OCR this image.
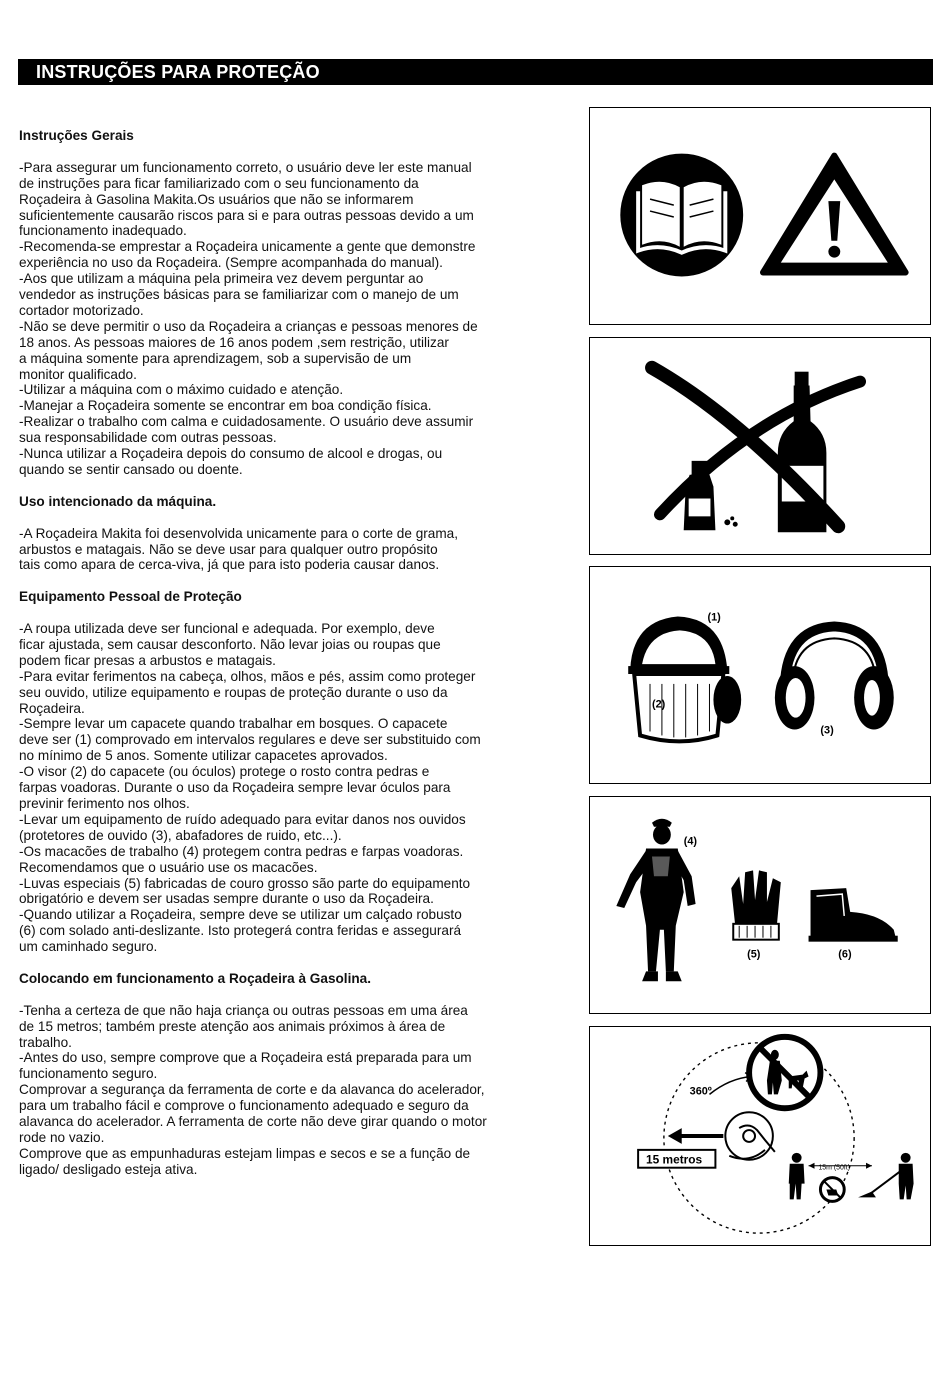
INSTRUÇÕES PARA PROTEÇÃO
Instruções Gerais
-Para assegurar um funcionamento correto, o usuário deve ler este manual
de instruções para ficar familiarizado com o seu funcionamento da
Roçadeira à Gasolina Makita.Os usuários que não se informarem
suficientemente causarão riscos para si e para outras pessoas devido a um
funcionamento inadequado.
-Recomenda-se emprestar a Roçadeira unicamente a gente que demonstre
experiência no uso da Roçadeira. (Sempre acompanhada do manual).
-Aos que utilizam a máquina pela primeira vez devem perguntar ao
vendedor as instruções básicas para se familiarizar com o manejo de um
cortador motorizado.
-Não se deve permitir o uso da Roçadeira a crianças e pessoas menores de
18 anos. As pessoas maiores de 16 anos podem ,sem restrição, utilizar
a máquina somente para aprendizagem, sob a supervisão de um
monitor qualificado.
-Utilizar a máquina com o máximo cuidado e atenção.
-Manejar a Roçadeira somente se encontrar em boa condição física.
-Realizar o trabalho com calma e cuidadosamente. O usuário deve assumir
sua responsabilidade com outras pessoas.
-Nunca utilizar a Roçadeira depois do consumo de alcool e drogas, ou
quando se sentir cansado ou doente.
Uso intencionado da máquina.
-A Roçadeira Makita foi desenvolvida unicamente para o corte de grama,
arbustos e matagais. Não se deve usar para qualquer outro propósito
tais como apara de cerca-viva, já que para isto poderia causar danos.
Equipamento Pessoal de Proteção
-A roupa utilizada deve ser funcional e adequada. Por exemplo, deve
ficar ajustada, sem causar desconforto. Não levar joias ou roupas que
podem ficar presas a arbustos e matagais.
-Para evitar ferimentos na cabeça, olhos, mãos e pés, assim como proteger
seu ouvido, utilize equipamento e roupas de proteção durante o uso da
Roçadeira.
-Sempre levar um capacete quando trabalhar em bosques. O capacete
deve ser (1) comprovado em intervalos regulares e deve ser substituido com
no mínimo de 5 anos. Somente utilizar capacetes aprovados.
-O visor (2) do capacete (ou óculos) protege o rosto contra pedras e
farpas voadoras. Durante o uso da Roçadeira sempre levar óculos para
previnir ferimento nos olhos.
-Levar um equipamento de ruído adequado para evitar danos nos ouvidos
(protetores de ouvido (3), abafadores de ruido, etc...).
-Os macacões de trabalho (4) protegem contra pedras e farpas voadoras.
Recomendamos que o usuário use os macacões.
-Luvas especiais (5) fabricadas de couro grosso são parte do equipamento
obrigatório e devem ser usadas sempre durante o uso da Roçadeira.
-Quando utilizar a Roçadeira, sempre deve se utilizar um calçado robusto
(6) com solado anti-deslizante. Isto protegerá contra feridas e assegurará
um caminhado seguro.
Colocando em funcionamento a Roçadeira à Gasolina.
-Tenha a certeza de que não haja criança ou outras pessoas em uma área
de 15 metros; também preste atenção aos animais próximos à área de
trabalho.
-Antes do uso, sempre comprove que a Roçadeira está preparada para um
funcionamento seguro.
Comprovar a segurança da ferramenta de corte e da alavanca do acelerador,
para um trabalho fácil e comprove o funcionamento adequado e seguro da
alavanca do acelerador. A ferramenta de corte não deve girar quando o motor
rode no vazio.
Comprove que as empunhaduras estejam limpas e secos e se a função de
ligado/ desligado esteja ativa.
(1)
(2)
(3)
(4)
(5)	(6)
360º
15 metros
15m (50ft)
